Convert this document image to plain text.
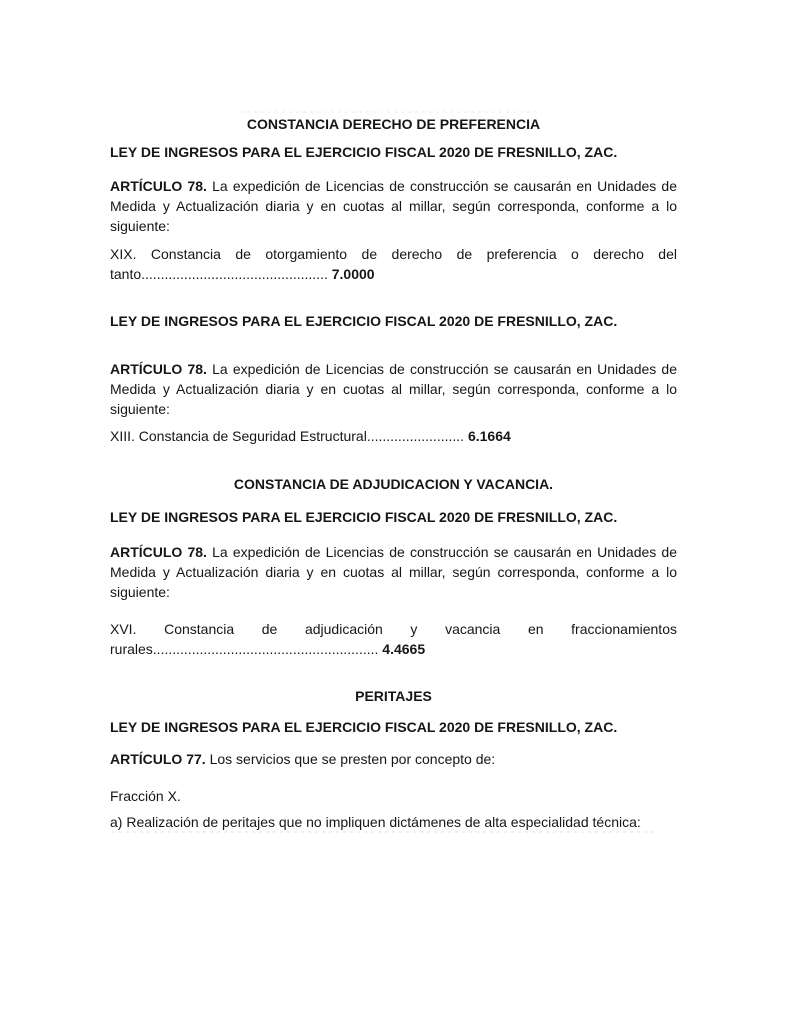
CONSTANCIA DERECHO DE PREFERENCIA

LEY DE INGRESOS PARA EL EJERCICIO FISCAL 2020 DE FRESNILLO, ZAC.

ARTÍCULO 78. La expedición de Licencias de construcción se causarán en Unidades de Medida y Actualización diaria y en cuotas al millar, según corresponda, conforme a lo siguiente:

XIX. Constancia de otorgamiento de derecho de preferencia o derecho del tanto................................................ 7.0000

LEY DE INGRESOS PARA EL EJERCICIO FISCAL 2020 DE FRESNILLO, ZAC.

ARTÍCULO 78. La expedición de Licencias de construcción se causarán en Unidades de Medida y Actualización diaria y en cuotas al millar, según corresponda, conforme a lo siguiente:

XIII. Constancia de Seguridad Estructural......................... 6.1664

CONSTANCIA DE ADJUDICACION Y VACANCIA.

LEY DE INGRESOS PARA EL EJERCICIO FISCAL 2020 DE FRESNILLO, ZAC.

ARTÍCULO 78. La expedición de Licencias de construcción se causarán en Unidades de Medida y Actualización diaria y en cuotas al millar, según corresponda, conforme a lo siguiente:

XVI. Constancia de adjudicación y vacancia en fraccionamientos rurales.......................................................... 4.4665

PERITAJES

LEY DE INGRESOS PARA EL EJERCICIO FISCAL 2020 DE FRESNILLO, ZAC.

ARTÍCULO 77. Los servicios que se presten por concepto de:

Fracción X.

a) Realización de peritajes que no impliquen dictámenes de alta especialidad técnica:
